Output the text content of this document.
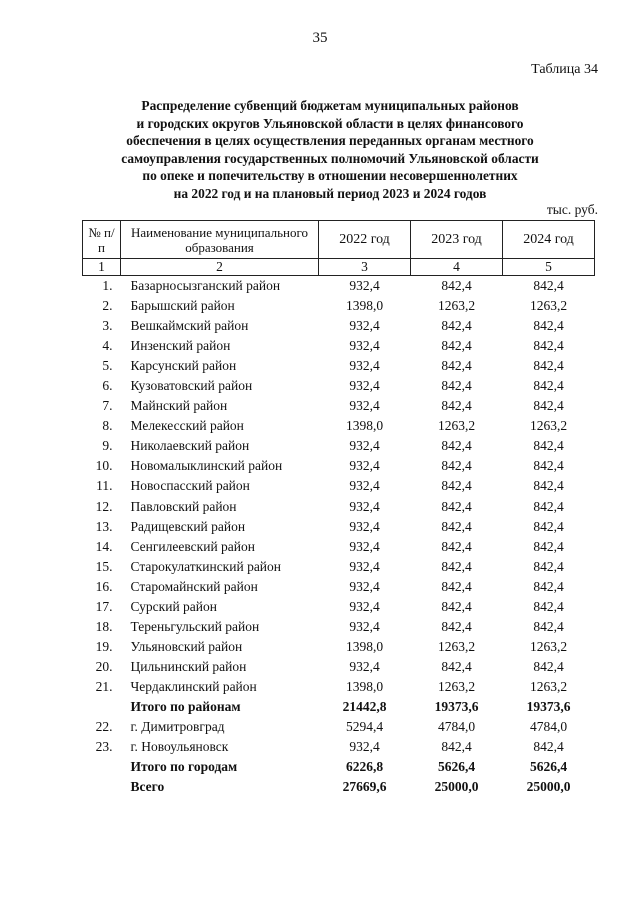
35
Таблица 34
Распределение субвенций бюджетам муниципальных районов
и городских округов Ульяновской области в целях финансового
обеспечения в целях осуществления переданных органам местного
самоуправления государственных полномочий Ульяновской области
по опеке и попечительству в отношении несовершеннолетних
на 2022 год и на плановый период 2023 и 2024 годов
тыс. руб.
№ п/п	Наименование муниципального образования	2022 год	2023 год	2024 год
1	2	3	4	5
1.	Базарносызганский район	932,4	842,4	842,4
2.	Барышский район	1398,0	1263,2	1263,2
3.	Вешкаймский район	932,4	842,4	842,4
4.	Инзенский район	932,4	842,4	842,4
5.	Карсунский район	932,4	842,4	842,4
6.	Кузоватовский район	932,4	842,4	842,4
7.	Майнский район	932,4	842,4	842,4
8.	Мелекесский район	1398,0	1263,2	1263,2
9.	Николаевский район	932,4	842,4	842,4
10.	Новомалыклинский район	932,4	842,4	842,4
11.	Новоспасский район	932,4	842,4	842,4
12.	Павловский район	932,4	842,4	842,4
13.	Радищевский район	932,4	842,4	842,4
14.	Сенгилеевский район	932,4	842,4	842,4
15.	Старокулаткинский район	932,4	842,4	842,4
16.	Старомайнский район	932,4	842,4	842,4
17.	Сурский район	932,4	842,4	842,4
18.	Тереньгульский район	932,4	842,4	842,4
19.	Ульяновский район	1398,0	1263,2	1263,2
20.	Цильнинский район	932,4	842,4	842,4
21.	Чердаклинский район	1398,0	1263,2	1263,2
	Итого по районам	21442,8	19373,6	19373,6
22.	г. Димитровград	5294,4	4784,0	4784,0
23.	г. Новоульяновск	932,4	842,4	842,4
	Итого по городам	6226,8	5626,4	5626,4
	Всего	27669,6	25000,0	25000,0
